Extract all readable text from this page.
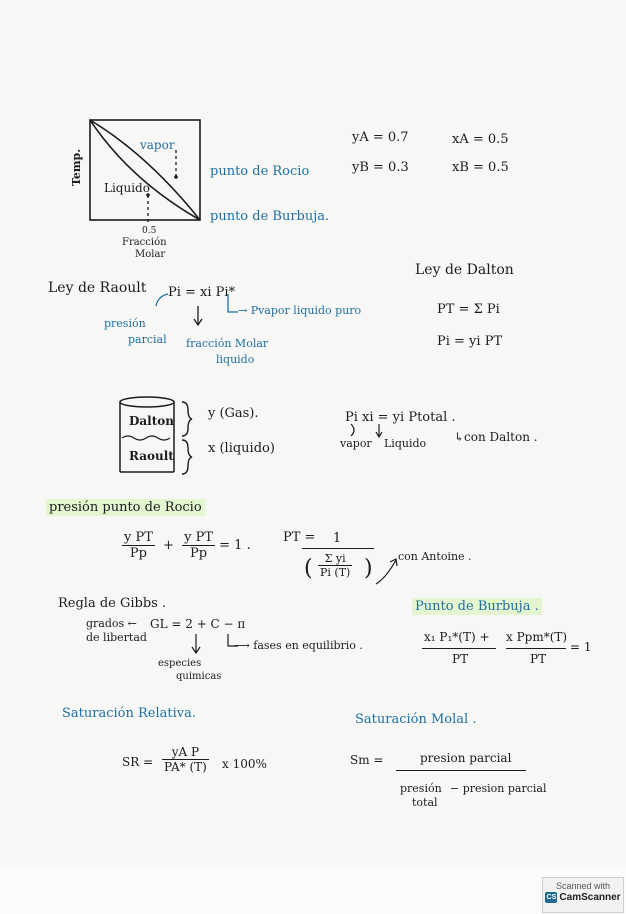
Temp.
vapor
Liquido
0.5
Fracción
Molar
punto de Rocio
punto de Burbuja.
yA = 0.7
yB = 0.3
xA = 0.5
xB = 0.5
Ley de Dalton
PT = Σ Pi
Pi = yi PT
Ley de Raoult Pi = xi Pi*
→ Pvapor liquido puro
presión
parcial fracción Molar
liquido
Dalton
Raoult
y (Gas).
x (liquido)
Pi xi = yi Ptotal .
vapor Liquido ↳con Dalton .
presión punto de Rocio
$\frac{\text{y PT}}{Pp} + \frac{\text{y PT}}{Pp} = 1$ .
PT =	1
( $\frac{\text{Σ yi}}{Pi (T)}$ ) con Antoine .
Regla de Gibbs .
grados ←
de libertad
GL = 2 + C − π
⟶ fases en equilibrio .
especies
quimicas
Punto de Burbuja .
x₁ P₁*(T) + x Ppm*(T)
PT	PT
= 1
Saturación Relativa.
SR = $\frac{\text{yA P}}{PA* (T)}$ x 100%
Saturación Molal .
Sm =	presion parcial
presión
total
− presion parcial
Scanned with
CS CamScanner
